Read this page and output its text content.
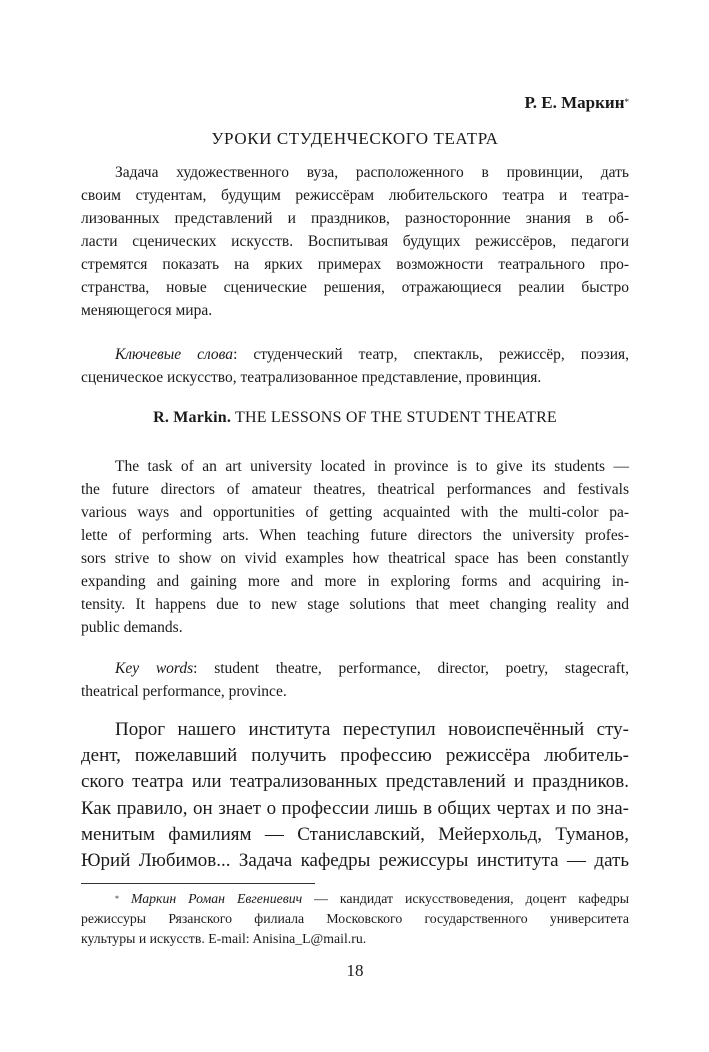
Р. Е. Маркин*

УРОКИ СТУДЕНЧЕСКОГО ТЕАТРА

Задача художественного вуза, расположенного в провинции, дать
своим студентам, будущим режиссёрам любительского театра и театра-
лизованных представлений и праздников, разносторонние знания в об-
ласти сценических искусств. Воспитывая будущих режиссёров, педагоги
стремятся показать на ярких примерах возможности театрального про-
странства, новые сценические решения, отражающиеся реалии быстро
меняющегося мира.

Ключевые слова: студенческий театр, спектакль, режиссёр, поэзия,
сценическое искусство, театрализованное представление, провинция.

R. Markin. THE LESSONS OF THE STUDENT THEATRE

The task of an art university located in province is to give its students —
the future directors of amateur theatres, theatrical performances and festivals
various ways and opportunities of getting acquainted with the multi-color pa-
lette of performing arts. When teaching future directors the university profes-
sors strive to show on vivid examples how theatrical space has been constantly
expanding and gaining more and more in exploring forms and acquiring in-
tensity. It happens due to new stage solutions that meet changing reality and
public demands.

Key words: student theatre, performance, director, poetry, stagecraft,
theatrical performance, province.

Порог нашего института переступил новоиспечённый сту-
дент, пожелавший получить профессию режиссёра любитель-
ского театра или театрализованных представлений и праздников.
Как правило, он знает о профессии лишь в общих чертах и по зна-
менитым фамилиям — Станиславский, Мейерхольд, Туманов,
Юрий Любимов... Задача кафедры режиссуры института — дать

* Маркин Роман Евгениевич — кандидат искусствоведения, доцент кафедры
режиссуры Рязанского филиала Московского государственного университета
культуры и искусств. E-mail: Anisina_L@mail.ru.

18
